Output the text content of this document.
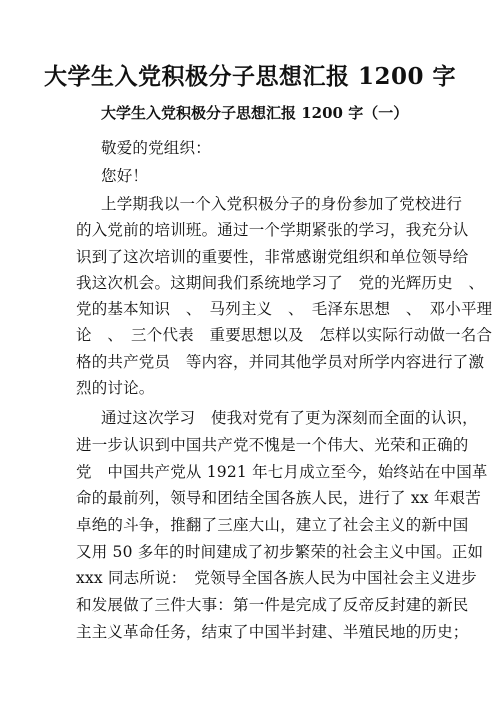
大学生入党积极分子思想汇报 1200 字
大学生入党积极分子思想汇报 1200 字（一）
敬爱的党组织：
您好！
上学期我以一个入党积极分子的身份参加了党校进行
的入党前的培训班。通过一个学期紧张的学习，我充分认
识到了这次培训的重要性，非常感谢党组织和单位领导给
我这次机会。这期间我们系统地学习了　党的光辉历史　、
党的基本知识　、　马列主义　、　毛泽东思想　、　邓小平理
论　、　三个代表　重要思想以及　怎样以实际行动做一名合
格的共产党员　等内容，并同其他学员对所学内容进行了激
烈的讨论。
通过这次学习　使我对党有了更为深刻而全面的认识，
进一步认识到中国共产党不愧是一个伟大、光荣和正确的
党　中国共产党从 1921 年七月成立至今，始终站在中国革
命的最前列，领导和团结全国各族人民，进行了 xx 年艰苦
卓绝的斗争，推翻了三座大山，建立了社会主义的新中国
又用 50 多年的时间建成了初步繁荣的社会主义中国。正如
xxx 同志所说：　党领导全国各族人民为中国社会主义进步
和发展做了三件大事：第一件是完成了反帝反封建的新民
主主义革命任务，结束了中国半封建、半殖民地的历史；
